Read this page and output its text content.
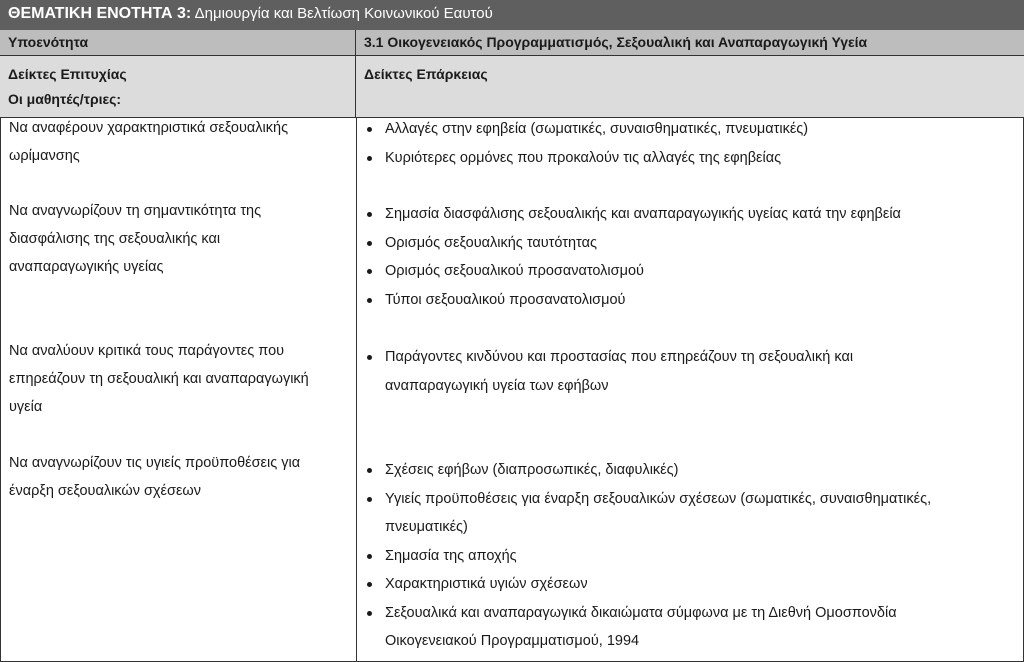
ΘΕΜΑΤΙΚΗ ΕΝΟΤΗΤΑ 3: Δημιουργία και Βελτίωση Κοινωνικού Εαυτού
Υποενότητα	3.1 Οικογενειακός Προγραμματισμός, Σεξουαλική και Αναπαραγωγική Υγεία
Δείκτες Επιτυχίας
Οι μαθητές/τριες:
Δείκτες Επάρκειας
Να αναφέρουν χαρακτηριστικά σεξουαλικής
ωρίμανσης
Να αναγνωρίζουν τη σημαντικότητα της
διασφάλισης της σεξουαλικής και
αναπαραγωγικής υγείας
Να αναλύουν κριτικά τους παράγοντες που
επηρεάζουν τη σεξουαλική και αναπαραγωγική
υγεία
Να αναγνωρίζουν τις υγιείς προϋποθέσεις για
έναρξη σεξουαλικών σχέσεων
Αλλαγές στην εφηβεία (σωματικές, συναισθηματικές, πνευματικές)
Κυριότερες ορμόνες που προκαλούν τις αλλαγές της εφηβείας
Σημασία διασφάλισης σεξουαλικής και αναπαραγωγικής υγείας κατά την εφηβεία
Ορισμός σεξουαλικής ταυτότητας
Ορισμός σεξουαλικού προσανατολισμού
Τύποι σεξουαλικού προσανατολισμού
Παράγοντες κινδύνου και προστασίας που επηρεάζουν τη σεξουαλική και
αναπαραγωγική υγεία των εφήβων
Σχέσεις εφήβων (διαπροσωπικές, διαφυλικές)
Υγιείς προϋποθέσεις για έναρξη σεξουαλικών σχέσεων (σωματικές, συναισθηματικές,
πνευματικές)
Σημασία της αποχής
Χαρακτηριστικά υγιών σχέσεων
Σεξουαλικά και αναπαραγωγικά δικαιώματα σύμφωνα με τη Διεθνή Ομοσπονδία
Οικογενειακού Προγραμματισμού, 1994
